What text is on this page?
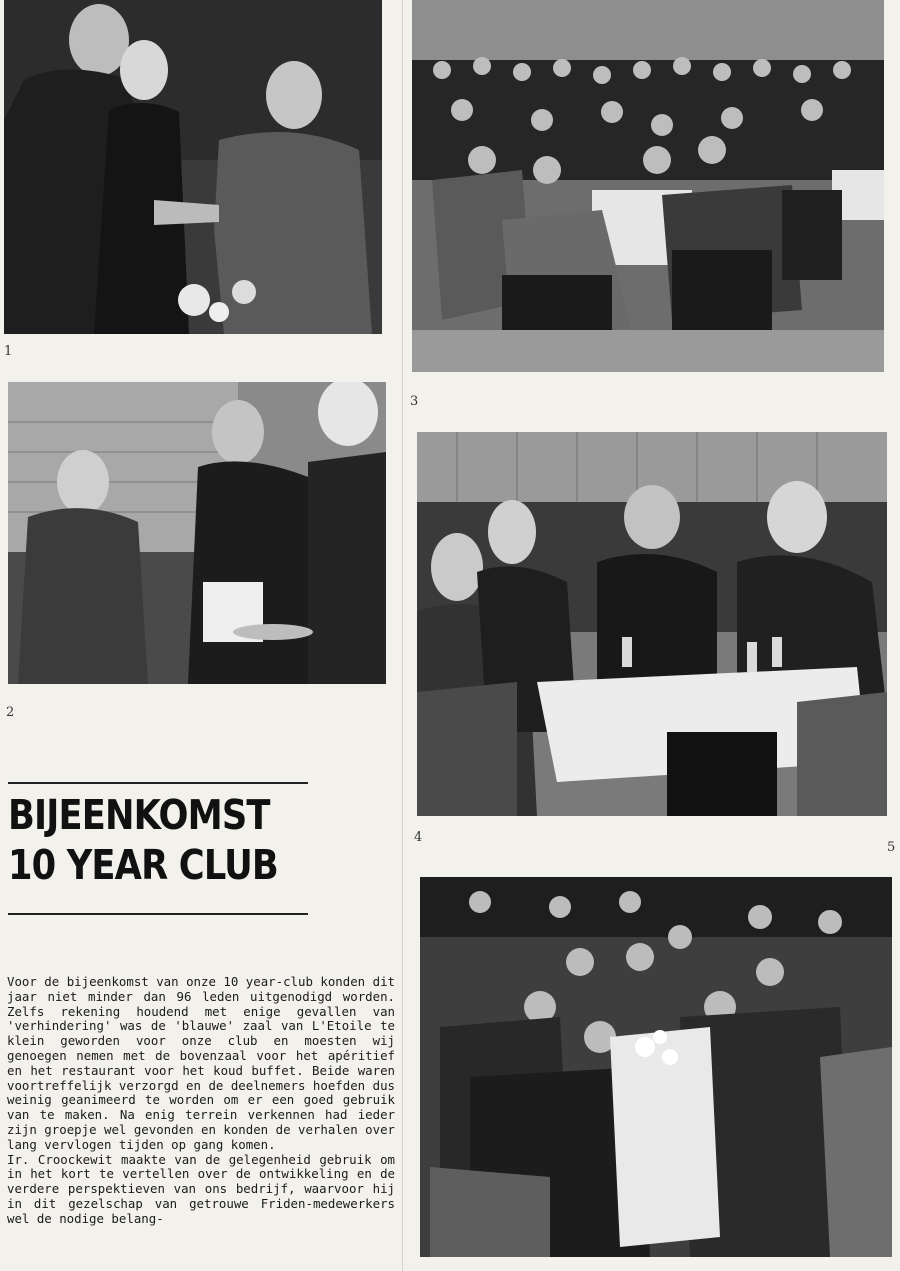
1
2
3
4
5
BIJEENKOMST
10 YEAR CLUB

Voor de bijeenkomst van onze 10 year-club konden dit jaar niet minder dan 96 leden uitgenodigd worden. Zelfs rekening houdend met enige gevallen van 'verhindering' was de 'blauwe' zaal van L'Etoile te klein geworden voor onze club en moesten wij genoegen nemen met de bovenzaal voor het apéritief en het restaurant voor het koud buffet. Beide waren voortreffelijk verzorgd en de deelnemers hoefden dus weinig geanimeerd te worden om er een goed gebruik van te maken. Na enig terrein verkennen had ieder zijn groepje wel gevonden en konden de verhalen over lang vervlogen tijden op gang komen.

Ir. Croockewit maakte van de gelegenheid gebruik om in het kort te vertellen over de ontwikkeling en de verdere perspektieven van ons bedrijf, waarvoor hij in dit gezelschap van getrouwe Friden-medewerkers wel de nodige belang-
